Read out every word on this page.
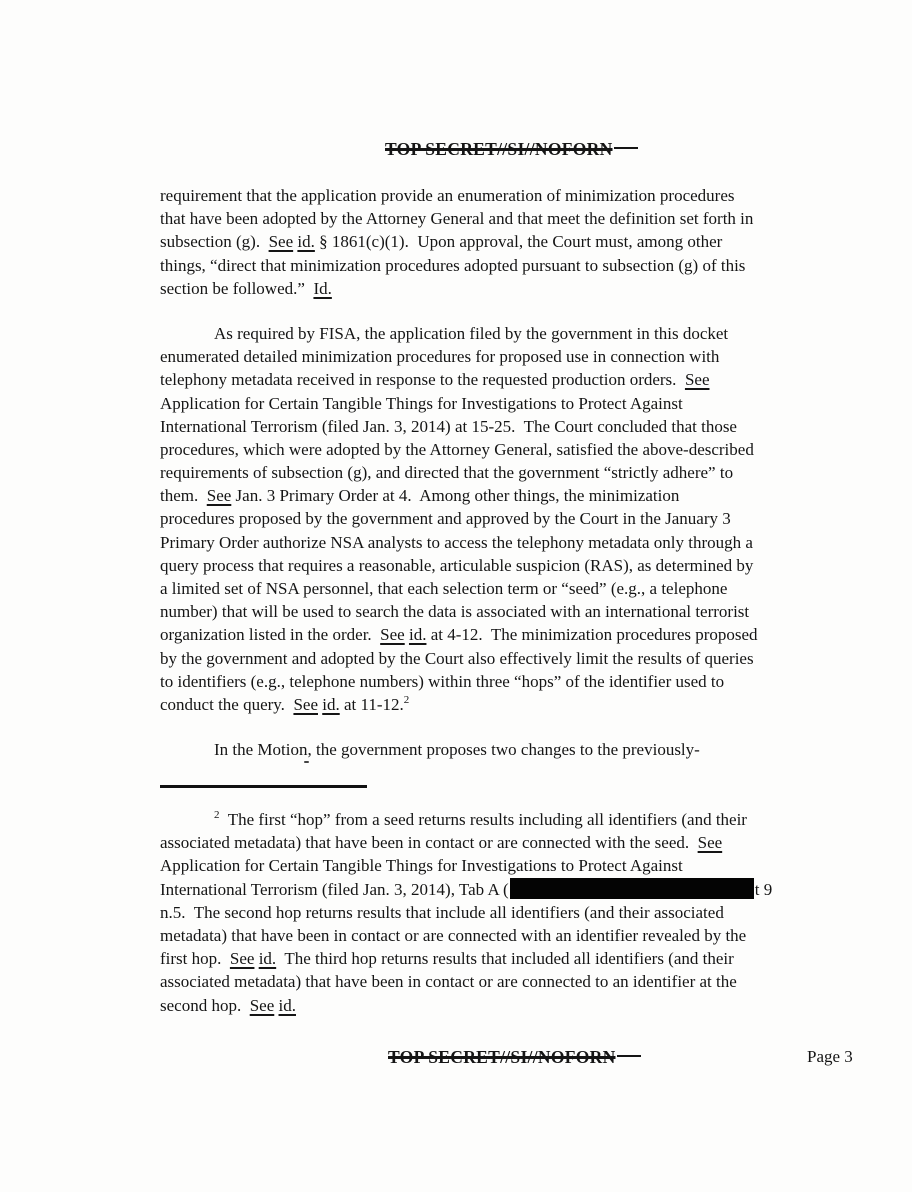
TOP SECRET//SI//NOFORN
requirement that the application provide an enumeration of minimization procedures
that have been adopted by the Attorney General and that meet the definition set forth in
subsection (g).  See id. § 1861(c)(1).  Upon approval, the Court must, among other
things, “direct that minimization procedures adopted pursuant to subsection (g) of this
section be followed.”  Id.
As required by FISA, the application filed by the government in this docket
enumerated detailed minimization procedures for proposed use in connection with
telephony metadata received in response to the requested production orders.  See
Application for Certain Tangible Things for Investigations to Protect Against
International Terrorism (filed Jan. 3, 2014) at 15-25.  The Court concluded that those
procedures, which were adopted by the Attorney General, satisfied the above-described
requirements of subsection (g), and directed that the government “strictly adhere” to
them.  See Jan. 3 Primary Order at 4.  Among other things, the minimization
procedures proposed by the government and approved by the Court in the January 3
Primary Order authorize NSA analysts to access the telephony metadata only through a
query process that requires a reasonable, articulable suspicion (RAS), as determined by
a limited set of NSA personnel, that each selection term or “seed” (e.g., a telephone
number) that will be used to search the data is associated with an international terrorist
organization listed in the order.  See id. at 4-12.  The minimization procedures proposed
by the government and adopted by the Court also effectively limit the results of queries
to identifiers (e.g., telephone numbers) within three “hops” of the identifier used to
conduct the query.  See id. at 11-12.$^2$
In the Motion, the government proposes two changes to the previously-
$^2$  The first “hop” from a seed returns results including all identifiers (and their
associated metadata) that have been in contact or are connected with the seed.  See
Application for Certain Tangible Things for Investigations to Protect Against
International Terrorism (filed Jan. 3, 2014), Tab A (	t 9
n.5.  The second hop returns results that include all identifiers (and their associated
metadata) that have been in contact or are connected with an identifier revealed by the
first hop.  See id.  The third hop returns results that included all identifiers (and their
associated metadata) that have been in contact or are connected to an identifier at the
second hop.  See id.
TOP SECRET//SI//NOFORN	Page 3
